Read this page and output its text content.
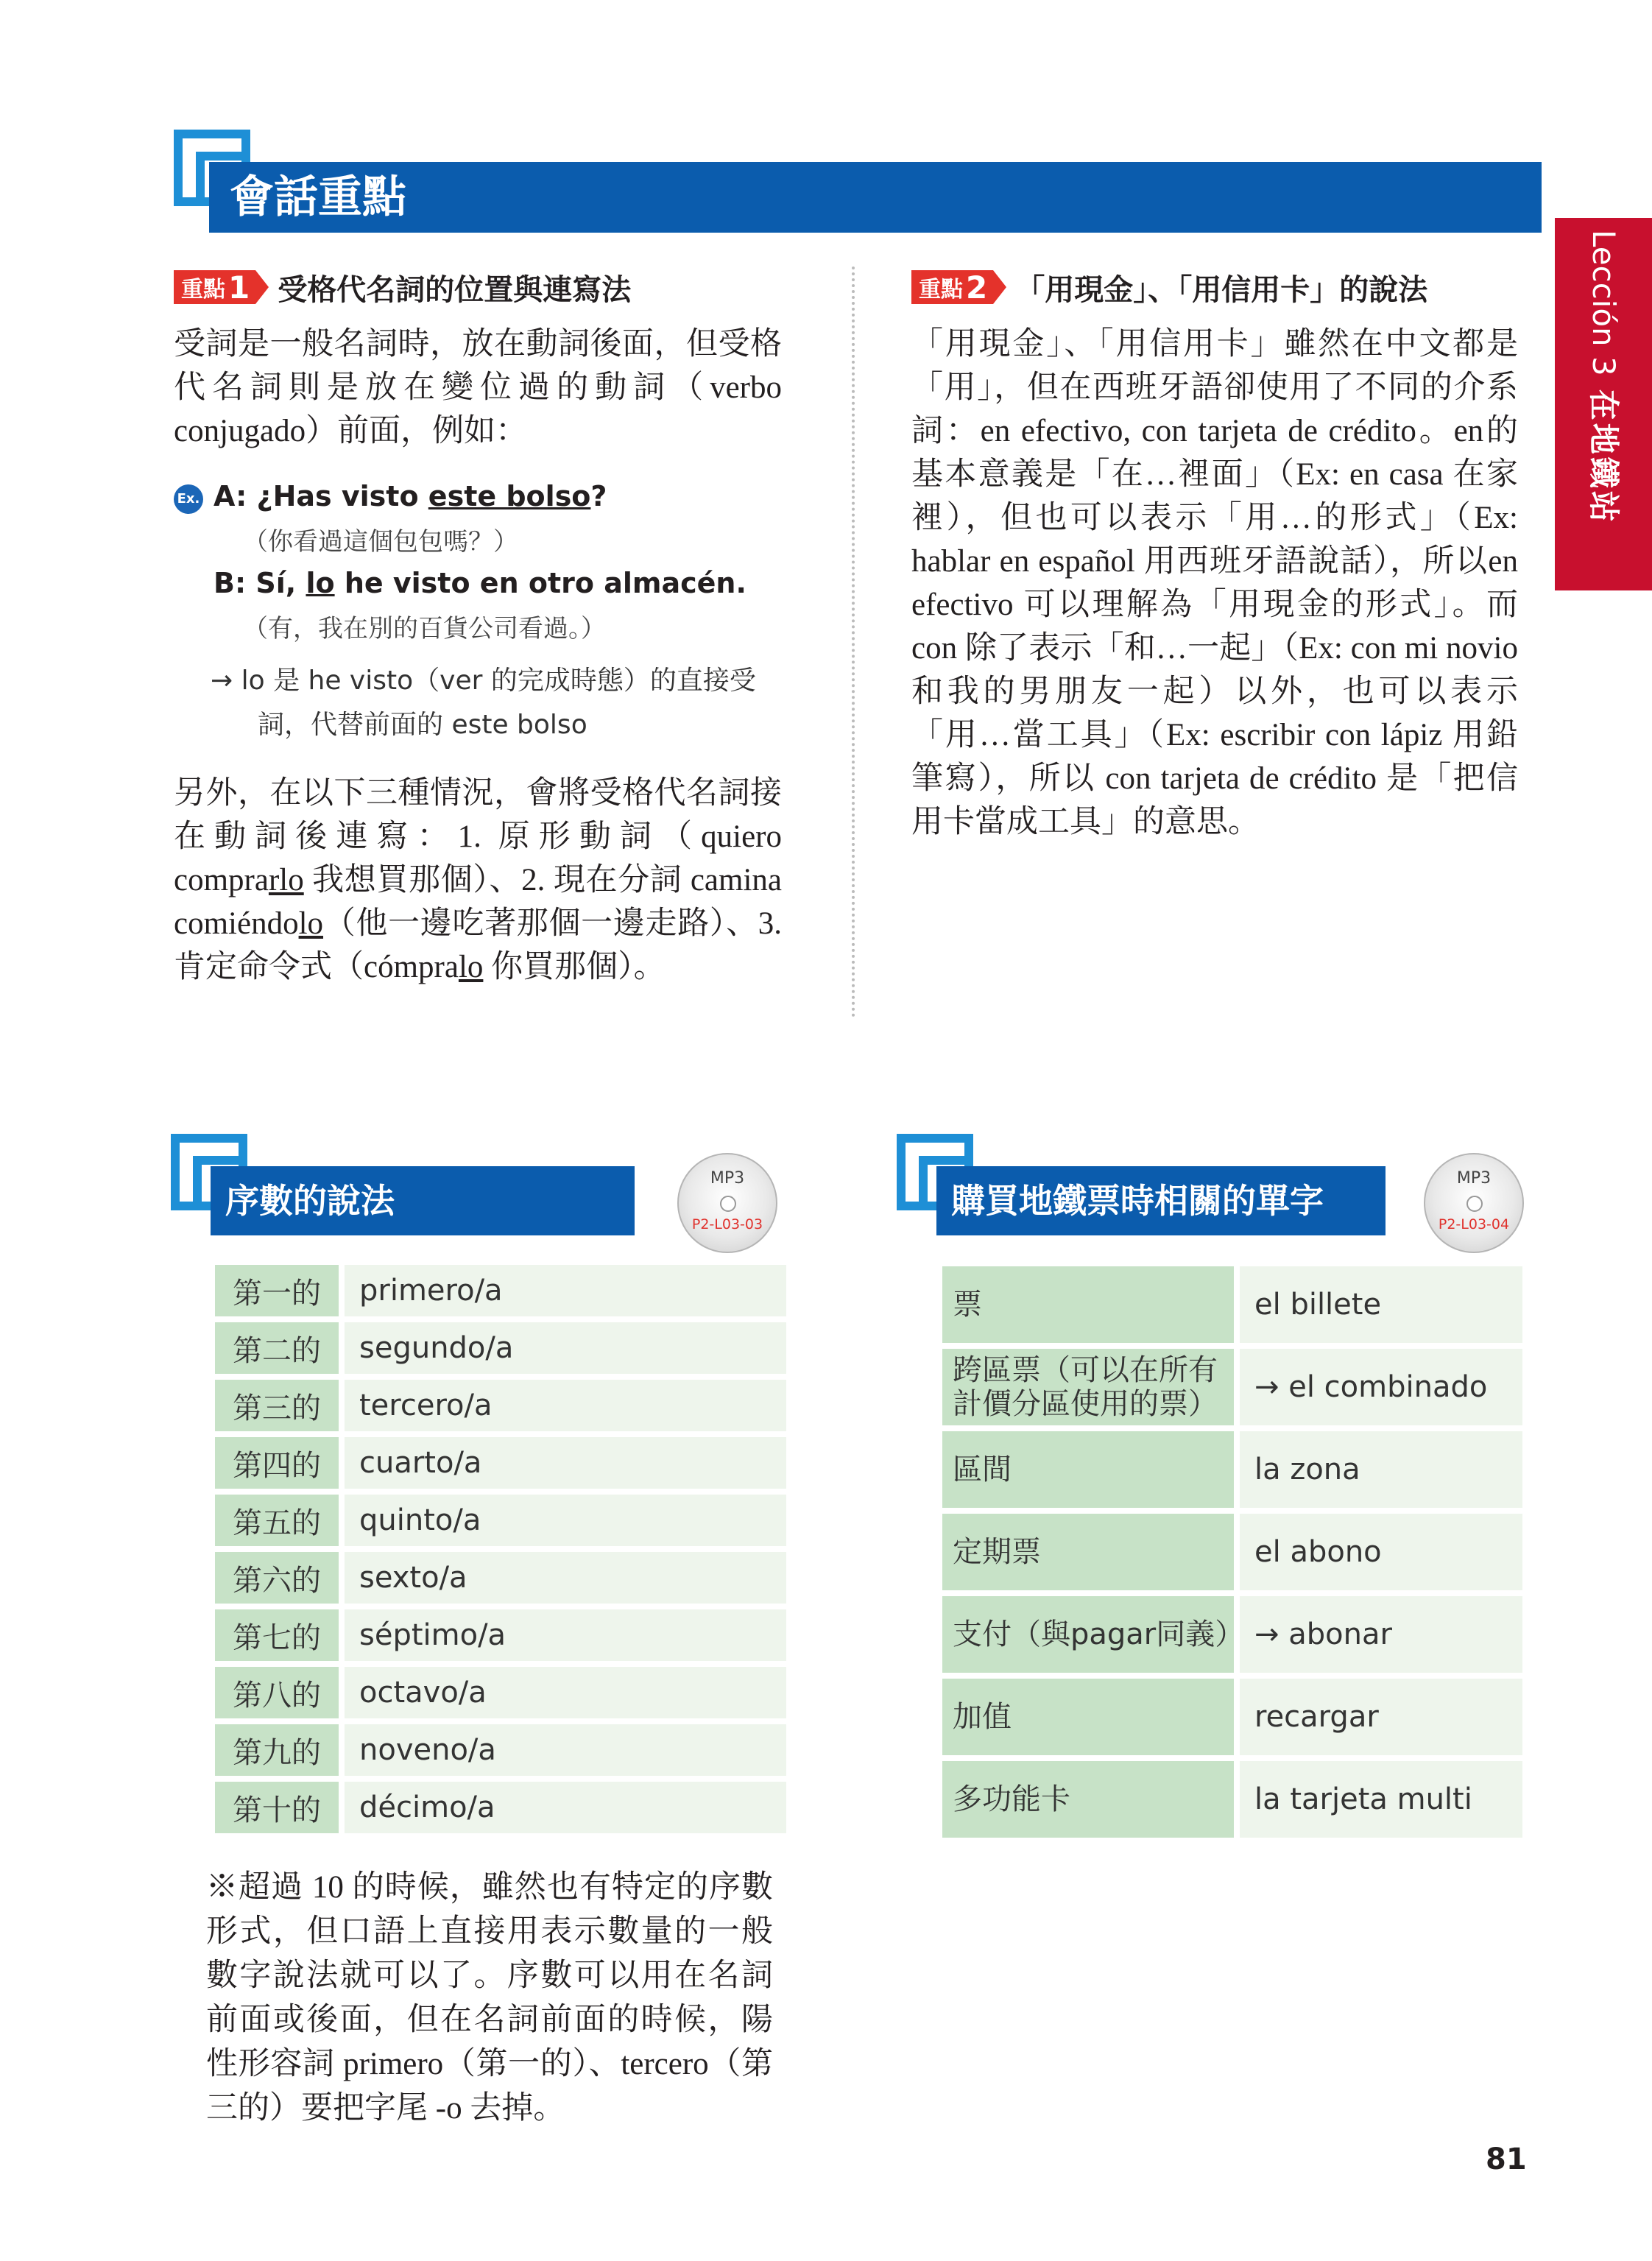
Lección 3在地鐵站
會話重點
重點 1 受格代名詞的位置與連寫法
受詞是一般名詞時，放在動詞後面，但受格代名詞則是放在變位過的動詞（verbo conjugado）前面，例如：
Ex. A: ¿Has visto este bolso?
（你看過這個包包嗎？）
B: Sí, lo he visto en otro almacén.
（有，我在別的百貨公司看過。）
→ lo 是 he visto（ver 的完成時態）的直接受
詞，代替前面的 este bolso
另外，在以下三種情況，會將受格代名詞接在動詞後連寫：1. 原形動詞（quiero comprarlo 我想買那個）、2. 現在分詞 camina comiéndolo（他一邊吃著那個一邊走路）、3. 肯定命令式（cómpralo 你買那個）。
重點 2 「用現金」、「用信用卡」的說法
「用現金」、「用信用卡」雖然在中文都是「用」，但在西班牙語卻使用了不同的介系詞：en efectivo, con tarjeta de crédito。en的基本意義是「在…裡面」（Ex: en casa 在家裡），但也可以表示「用…的形式」（Ex: hablar en español 用西班牙語說話），所以en efectivo 可以理解為「用現金的形式」。而 con 除了表示「和…一起」（Ex: con mi novio 和我的男朋友一起）以外，也可以表示「用…當工具」（Ex: escribir con lápiz 用鉛筆寫），所以 con tarjeta de crédito 是「把信用卡當成工具」的意思。
序數的說法
MP3
P2-L03-03
第一的	primero/a
第二的	segundo/a
第三的	tercero/a
第四的	cuarto/a
第五的	quinto/a
第六的	sexto/a
第七的	séptimo/a
第八的	octavo/a
第九的	noveno/a
第十的	décimo/a
※超過 10 的時候，雖然也有特定的序數形式，但口語上直接用表示數量的一般數字說法就可以了。序數可以用在名詞前面或後面，但在名詞前面的時候，陽性形容詞 primero（第一的）、tercero（第三的）要把字尾 -o 去掉。
購買地鐵票時相關的單字
MP3
P2-L03-04
票	el billete
跨區票（可以在所有計價分區使用的票）	→ el combinado
區間	la zona
定期票	el abono
支付（與pagar同義）	→ abonar
加值	recargar
多功能卡	la tarjeta multi
81
